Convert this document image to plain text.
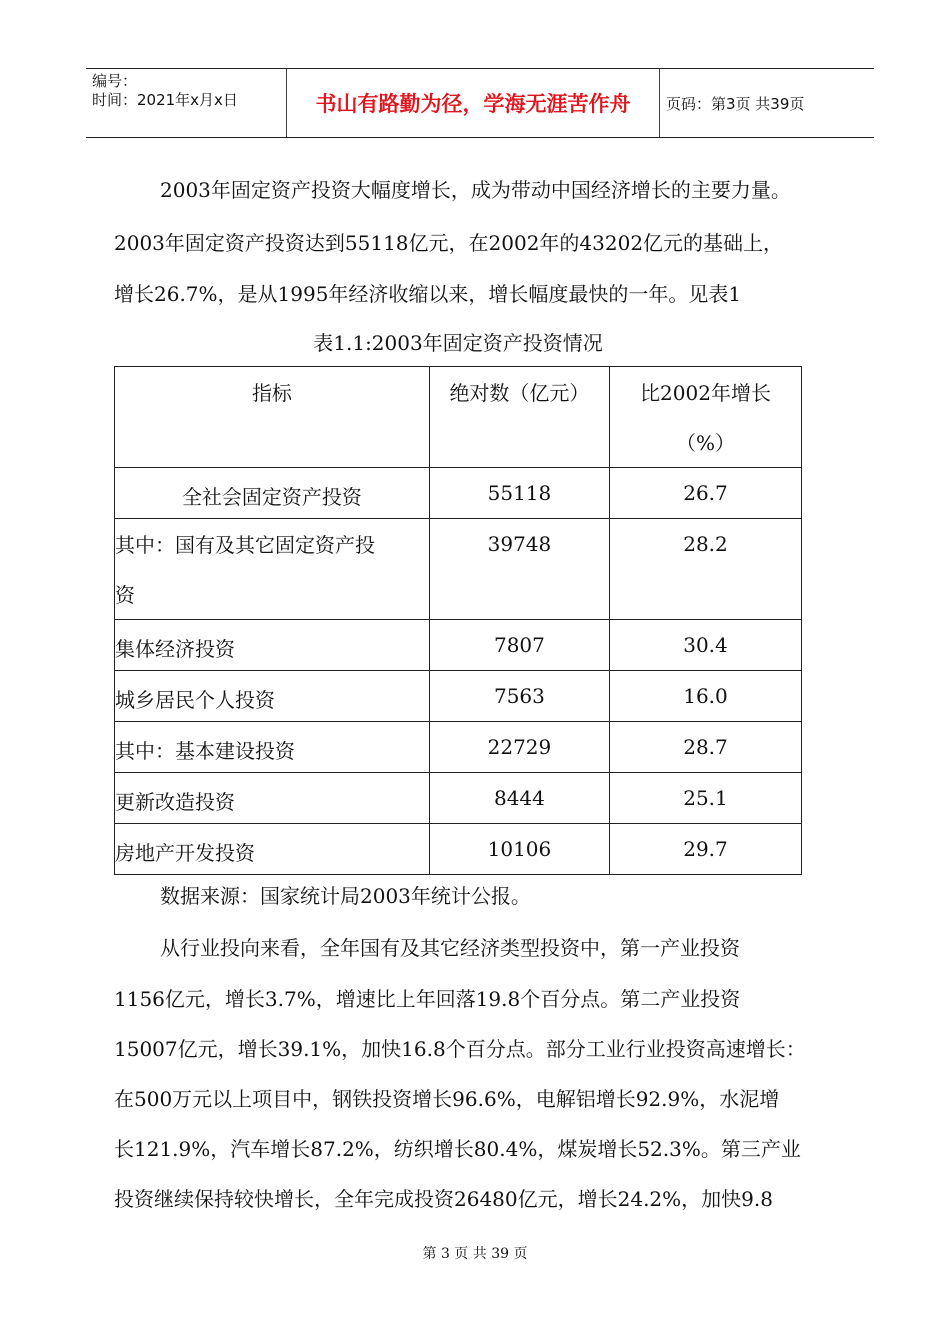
编号：
时间：2021年x月x日	书山有路勤为径，学海无涯苦作舟	页码：第3页 共39页
2003年固定资产投资大幅度增长，成为带动中国经济增长的主要力量。
2003年固定资产投资达到55118亿元，在2002年的43202亿元的基础上，
增长26.7%，是从1995年经济收缩以来，增长幅度最快的一年。见表1
表1.1:2003年固定资产投资情况
指标	绝对数（亿元）	比2002年增长
（%）

全社会固定资产投资	55118	26.7

其中：国有及其它固定资产投
资	39748	28.2

集体经济投资	7807	30.4

城乡居民个人投资	7563	16.0

其中：基本建设投资	22729	28.7

更新改造投资	8444	25.1

房地产开发投资	10106	29.7
数据来源：国家统计局2003年统计公报。
从行业投向来看，全年国有及其它经济类型投资中，第一产业投资
1156亿元，增长3.7%，增速比上年回落19.8个百分点。第二产业投资
15007亿元，增长39.1%，加快16.8个百分点。部分工业行业投资高速增长：
在500万元以上项目中，钢铁投资增长96.6%，电解铝增长92.9%，水泥增
长121.9%，汽车增长87.2%，纺织增长80.4%，煤炭增长52.3%。第三产业
投资继续保持较快增长，全年完成投资26480亿元，增长24.2%，加快9.8
第 3 页 共 39 页
